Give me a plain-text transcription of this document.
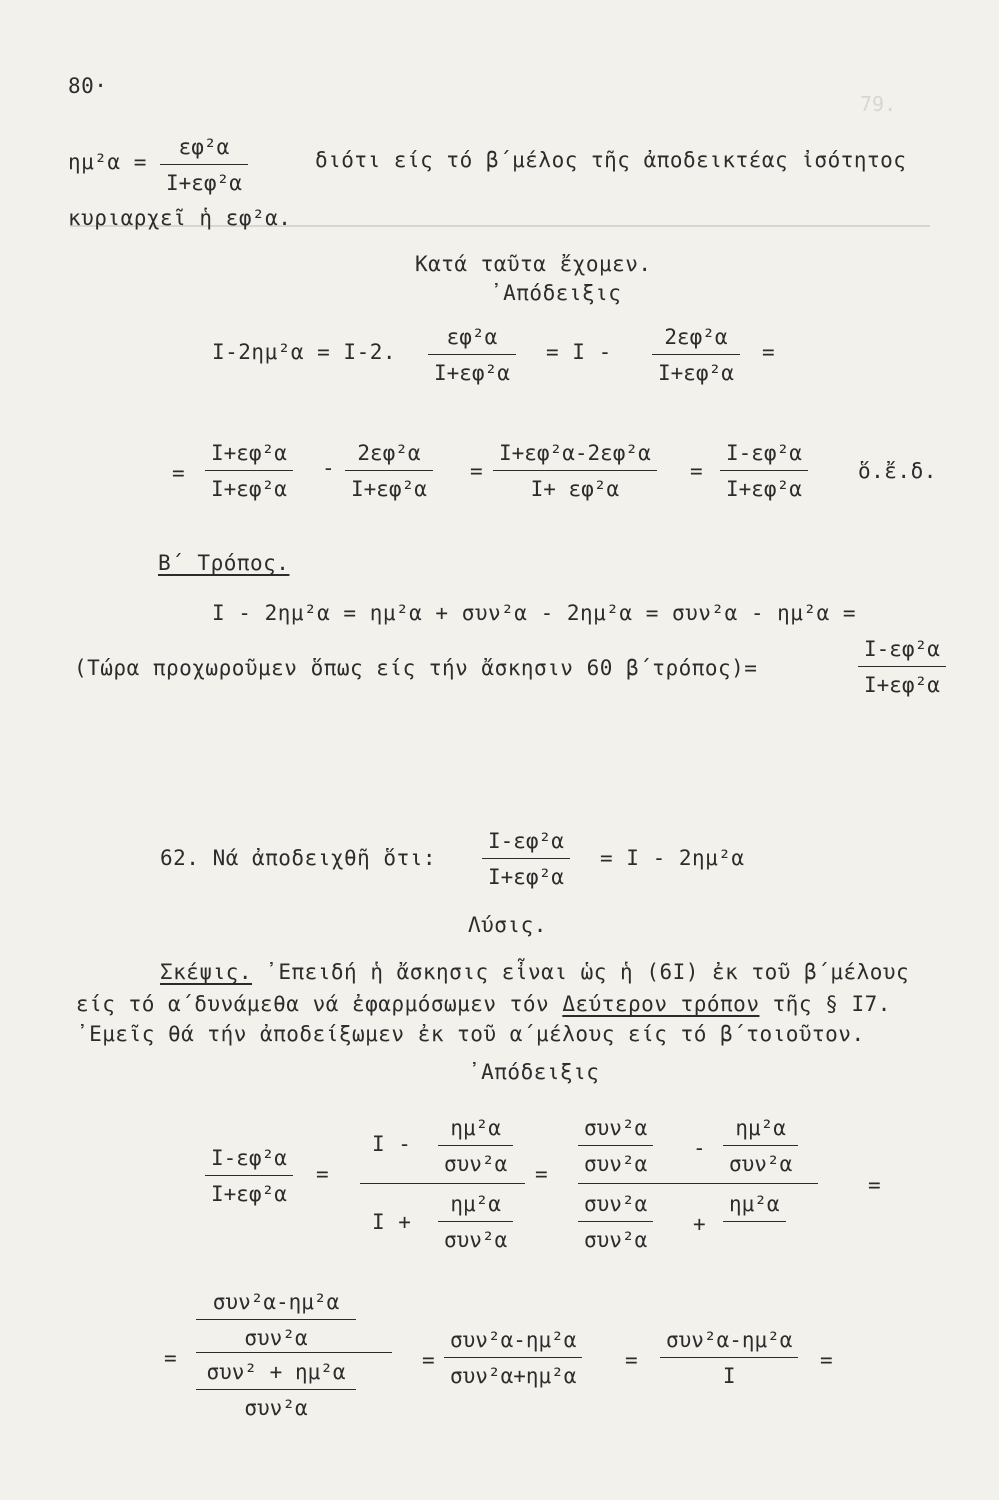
79.
80·
ημ²α =
εφ²α
Ι+εφ²α
διότι είς τό β΄μέλος τῆς ἀποδεικτέας ἰσότητος
κυριαρχεῖ ἡ εφ²α.
Κατά ταῦτα ἔχομεν.
᾿Απόδειξις
Ι-2ημ²α = Ι-2.
εφ²α
Ι+εφ²α
= Ι -
2εφ²α
Ι+εφ²α
=
=
Ι+εφ²α
Ι+εφ²α
-
2εφ²α
Ι+εφ²α
=
Ι+εφ²α-2εφ²α
Ι+ εφ²α
=
Ι-εφ²α
Ι+εφ²α
ὅ.ἔ.δ.
Β΄ Τρόπος.
Ι - 2ημ²α = ημ²α + συν²α - 2ημ²α = συν²α - ημ²α =
(Τώρα προχωροῦμεν ὅπως είς τήν ἄσκησιν 60 β΄τρόπος)=
Ι-εφ²α
Ι+εφ²α
62. Νά ἀποδειχθῆ ὅτι:
Ι-εφ²α
Ι+εφ²α
= Ι - 2ημ²α
Λύσις.
Σκέψις. ᾿Επειδή ἡ ἄσκησις εἶναι ὡς ἡ (6Ι) ἐκ τοῦ β΄μέλους
είς τό α΄δυνάμεθα νά ἐφαρμόσωμεν τόν Δεύτερον τρόπον τῆς § Ι7.
᾿Εμεῖς θά τήν ἀποδείξωμεν ἐκ τοῦ α΄μέλους είς τό β΄τοιοῦτον.
᾿Απόδειξις
Ι-εφ²α
Ι+εφ²α
=
Ι -
ημ²α
συν²α
Ι +
ημ²α
συν²α
=
συν²α
συν²α
-
ημ²α
συν²α
συν²α
συν²α
+
ημ²α
=
=
συν²α-ημ²α
συν²α
συν² + ημ²α
συν²α
=
συν²α-ημ²α
συν²α+ημ²α
=
συν²α-ημ²α
Ι
=
